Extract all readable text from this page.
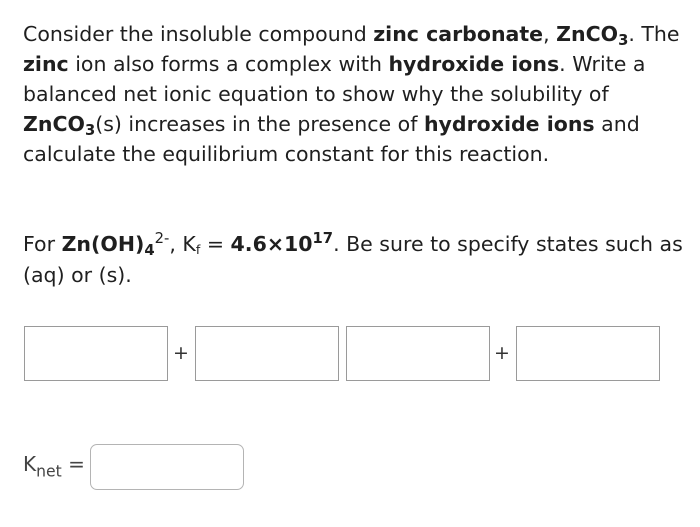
Consider the insoluble compound zinc carbonate, ZnCO$_3$. The zinc ion also forms a complex with hydroxide ions. Write a balanced net ionic equation to show why the solubility of ZnCO$_3$(s) increases in the presence of hydroxide ions and calculate the equilibrium constant for this reaction.
For $Zn(OH)_4^{2-}$, $Kf = 4.6\times 10^{17}$. Be sure to specify states such as (aq) or (s).
+	+
$K_{net}$ =
